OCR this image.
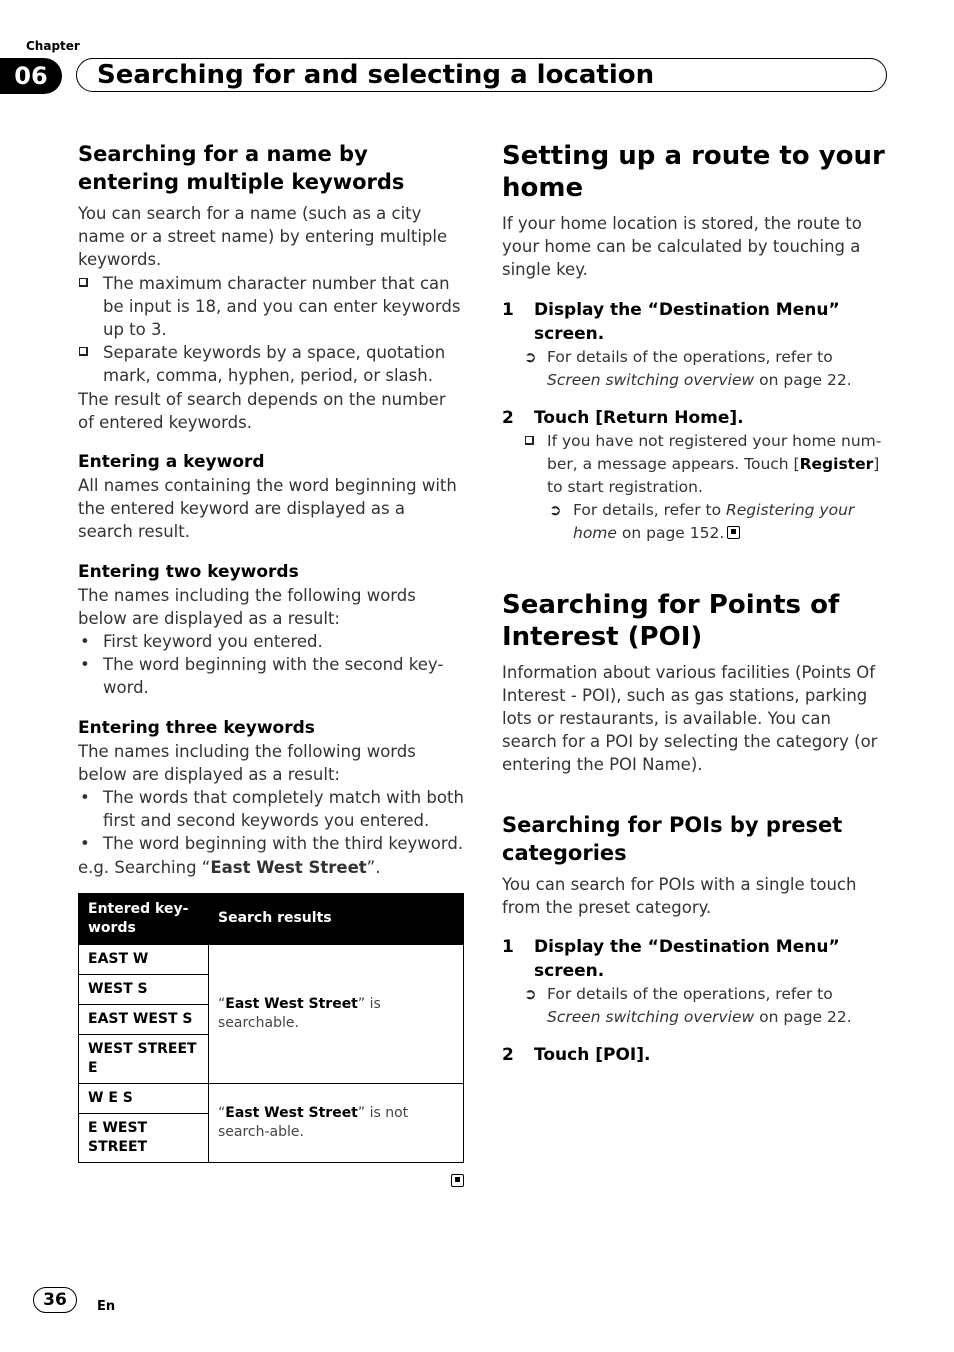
Chapter
06	Searching for and selecting a location
Searching for a name by entering multiple keywords

You can search for a name (such as a city name or a street name) by entering multiple keywords.

The maximum character number that can be input is 18, and you can enter keywords up to 3.
Separate keywords by a space, quotation mark, comma, hyphen, period, or slash.

The result of search depends on the number of entered keywords.

Entering a keyword

All names containing the word beginning with the entered keyword are displayed as a search result.

Entering two keywords

The names including the following words below are displayed as a result:

• First keyword you entered.
• The word beginning with the second key-word.
Entering three keywords

The names including the following words below are displayed as a result:

• The words that completely match with both first and second keywords you entered.
• The word beginning with the third keyword.

e.g. Searching “East West Street”.

Entered key-words	Search results
EAST W	“East West Street” is searchable.
WEST S	
EAST WEST S	
WEST STREET E	
W E S	“East West Street” is not search-able.
E WEST STREET	
Setting up a route to your home

If your home location is stored, the route to your home can be calculated by touching a single key.

1 Display the “Destination Menu” screen.
➲ For details of the operations, refer to Screen switching overview on page 22.
2 Touch [Return Home].
If you have not registered your home num-ber, a message appears. Touch [Register] to start registration.
➲ For details, refer to Registering your home on page 152.
Searching for Points of Interest (POI)

Information about various facilities (Points Of Interest - POI), such as gas stations, parking lots or restaurants, is available. You can search for a POI by selecting the category (or entering the POI Name).

Searching for POIs by preset categories

You can search for POIs with a single touch from the preset category.

1 Display the “Destination Menu” screen.
➲ For details of the operations, refer to Screen switching overview on page 22.
2 Touch [POI].
36	En
